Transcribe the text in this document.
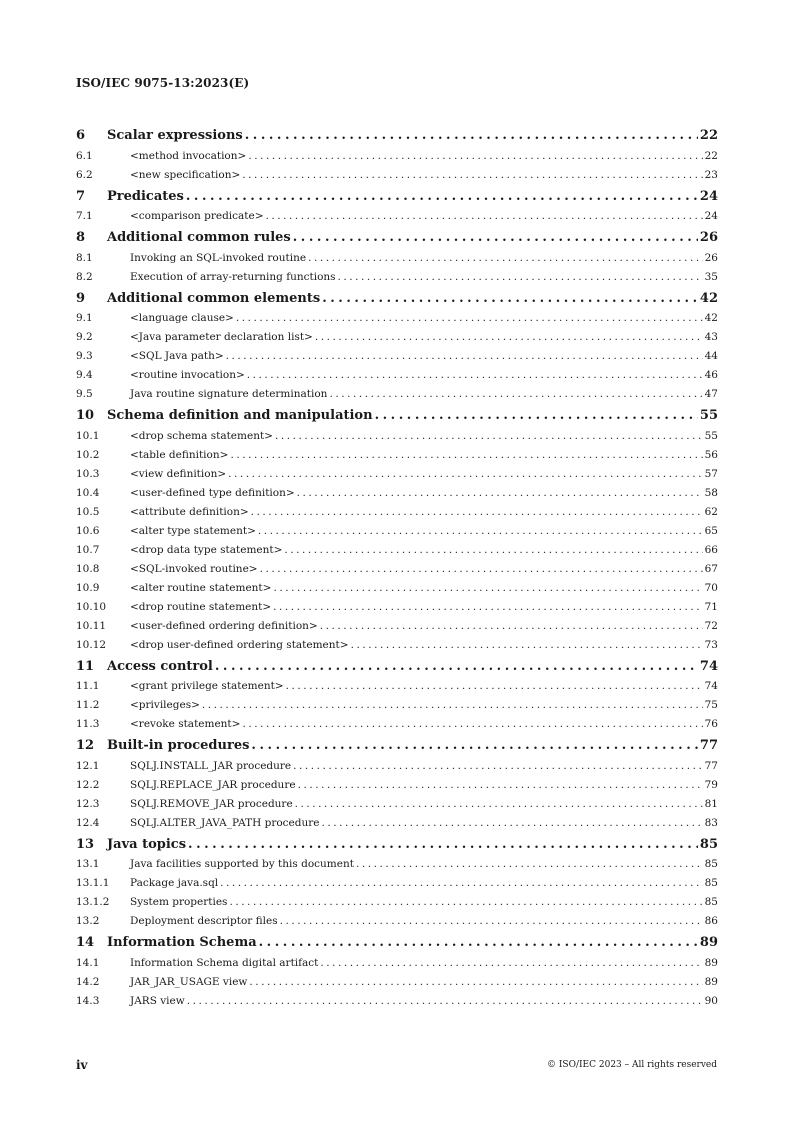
ISO/IEC 9075-13:2023(E)
6	Scalar expressions . . .	22
6.1	<method invocation> . . .	22
6.2	<new specification> . . .	23
7	Predicates . . .	24
7.1	<comparison predicate> . . .	24
8	Additional common rules . . .	26
8.1	Invoking an SQL-invoked routine . . .	26
8.2	Execution of array-returning functions . . .	35
9	Additional common elements . . .	42
9.1	<language clause> . . .	42
9.2	<Java parameter declaration list> . . .	43
9.3	<SQL Java path> . . .	44
9.4	<routine invocation> . . .	46
9.5	Java routine signature determination . . .	47
10 Schema definition and manipulation . . .	55
10.1	<drop schema statement> . . .	55
10.2	<table definition> . . .	56
10.3	<view definition> . . .	57
10.4	<user-defined type definition> . . .	58
10.5	<attribute definition> . . .	62
10.6	<alter type statement> . . .	65
10.7	<drop data type statement> . . .	66
10.8	<SQL-invoked routine> . . .	67
10.9	<alter routine statement> . . .	70
10.10	<drop routine statement> . . .	71
10.11	<user-defined ordering definition> . . .	72
10.12	<drop user-defined ordering statement> . . .	73
11 Access control . . .	74
11.1	<grant privilege statement> . . .	74
11.2	<privileges> . . .	75
11.3	<revoke statement> . . .	76
12 Built-in procedures . . .	77
12.1	SQLJ.INSTALL_JAR procedure . . .	77
12.2	SQLJ.REPLACE_JAR procedure . . .	79
12.3	SQLJ.REMOVE_JAR procedure . . .	81
12.4	SQLJ.ALTER_JAVA_PATH procedure . . .	83
13 Java topics . . .	85
13.1	Java facilities supported by this document . . .	85
13.1.1	Package java.sql . . .	85
13.1.2	System properties . . .	85
13.2	Deployment descriptor files . . .	86
14 Information Schema . . .	89
14.1	Information Schema digital artifact . . .	89
14.2	JAR_JAR_USAGE view . . .	89
14.3	JARS view . . .	90
iv	© ISO/IEC 2023 – All rights reserved
